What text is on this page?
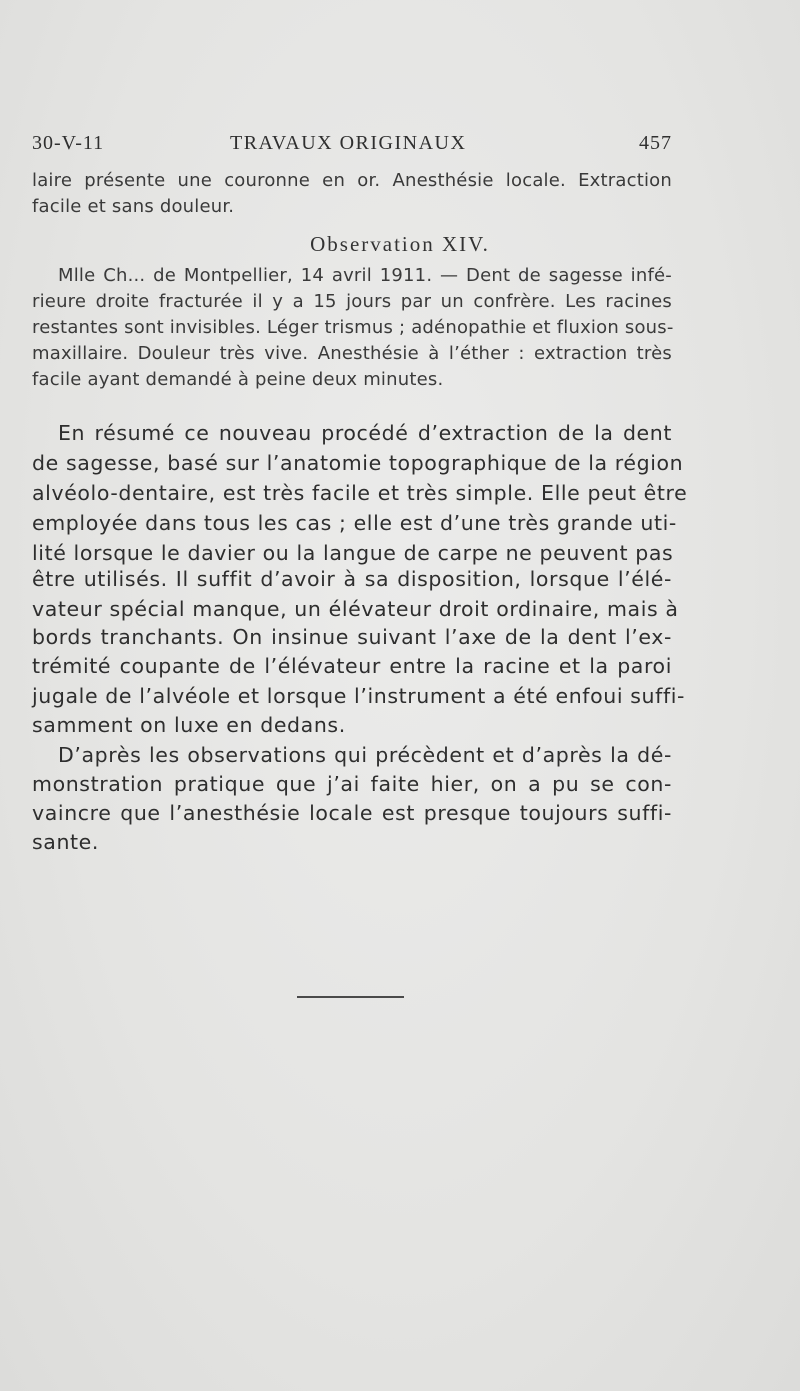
30-V-11	TRAVAUX ORIGINAUX	457
laire présente une couronne en or. Anesthésie locale. Extraction
facile et sans douleur.
Observation XIV.
Mlle Ch... de Montpellier, 14 avril 1911. — Dent de sagesse infé-
rieure droite fracturée il y a 15 jours par un confrère. Les racines
restantes sont invisibles. Léger trismus ; adénopathie et fluxion sous-
maxillaire. Douleur très vive. Anesthésie à l’éther : extraction très
facile ayant demandé à peine deux minutes.
En résumé ce nouveau procédé d’extraction de la dent
de sagesse, basé sur l’anatomie topographique de la région
alvéolo-dentaire, est très facile et très simple. Elle peut être
employée dans tous les cas ; elle est d’une très grande uti-
lité lorsque le davier ou la langue de carpe ne peuvent pas
être utilisés. Il suffit d’avoir à sa disposition, lorsque l’élé-
vateur spécial manque, un élévateur droit ordinaire, mais à
bords tranchants. On insinue suivant l’axe de la dent l’ex-
trémité coupante de l’élévateur entre la racine et la paroi
jugale de l’alvéole et lorsque l’instrument a été enfoui suffi-
samment on luxe en dedans.
D’après les observations qui précèdent et d’après la dé-
monstration pratique que j’ai faite hier, on a pu se con-
vaincre que l’anesthésie locale est presque toujours suffi-
sante.
